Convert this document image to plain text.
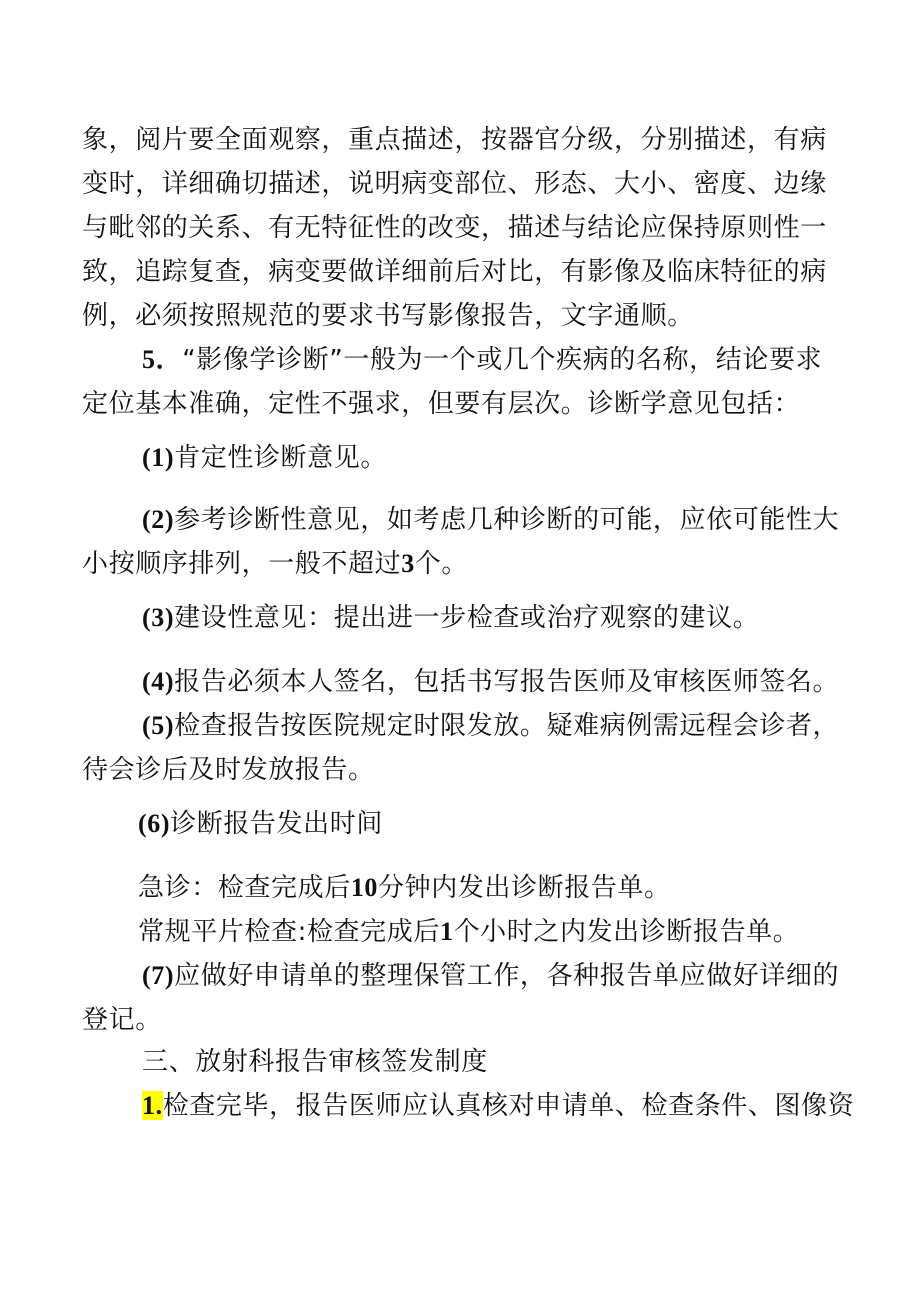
象，阅片要全面观察，重点描述，按器官分级，分别描述，有病
变时，详细确切描述，说明病变部位、形态、大小、密度、边缘
与毗邻的关系、有无特征性的改变，描述与结论应保持原则性一
致，追踪复查，病变要做详细前后对比，有影像及临床特征的病
例，必须按照规范的要求书写影像报告，文字通顺。
5．“影像学诊断”一般为一个或几个疾病的名称，结论要求
定位基本准确，定性不强求，但要有层次。诊断学意见包括：
(1)肯定性诊断意见。
(2)参考诊断性意见，如考虑几种诊断的可能，应依可能性大
小按顺序排列，一般不超过3个。
(3)建设性意见：提出进一步检查或治疗观察的建议。
(4)报告必须本人签名，包括书写报告医师及审核医师签名。
(5)检查报告按医院规定时限发放。疑难病例需远程会诊者，
待会诊后及时发放报告。
(6)诊断报告发出时间
急诊：检查完成后10分钟内发出诊断报告单。
常规平片检查:检查完成后1个小时之内发出诊断报告单。
(7)应做好申请单的整理保管工作，各种报告单应做好详细的
登记。
三、放射科报告审核签发制度
1.检查完毕，报告医师应认真核对申请单、检查条件、图像资
